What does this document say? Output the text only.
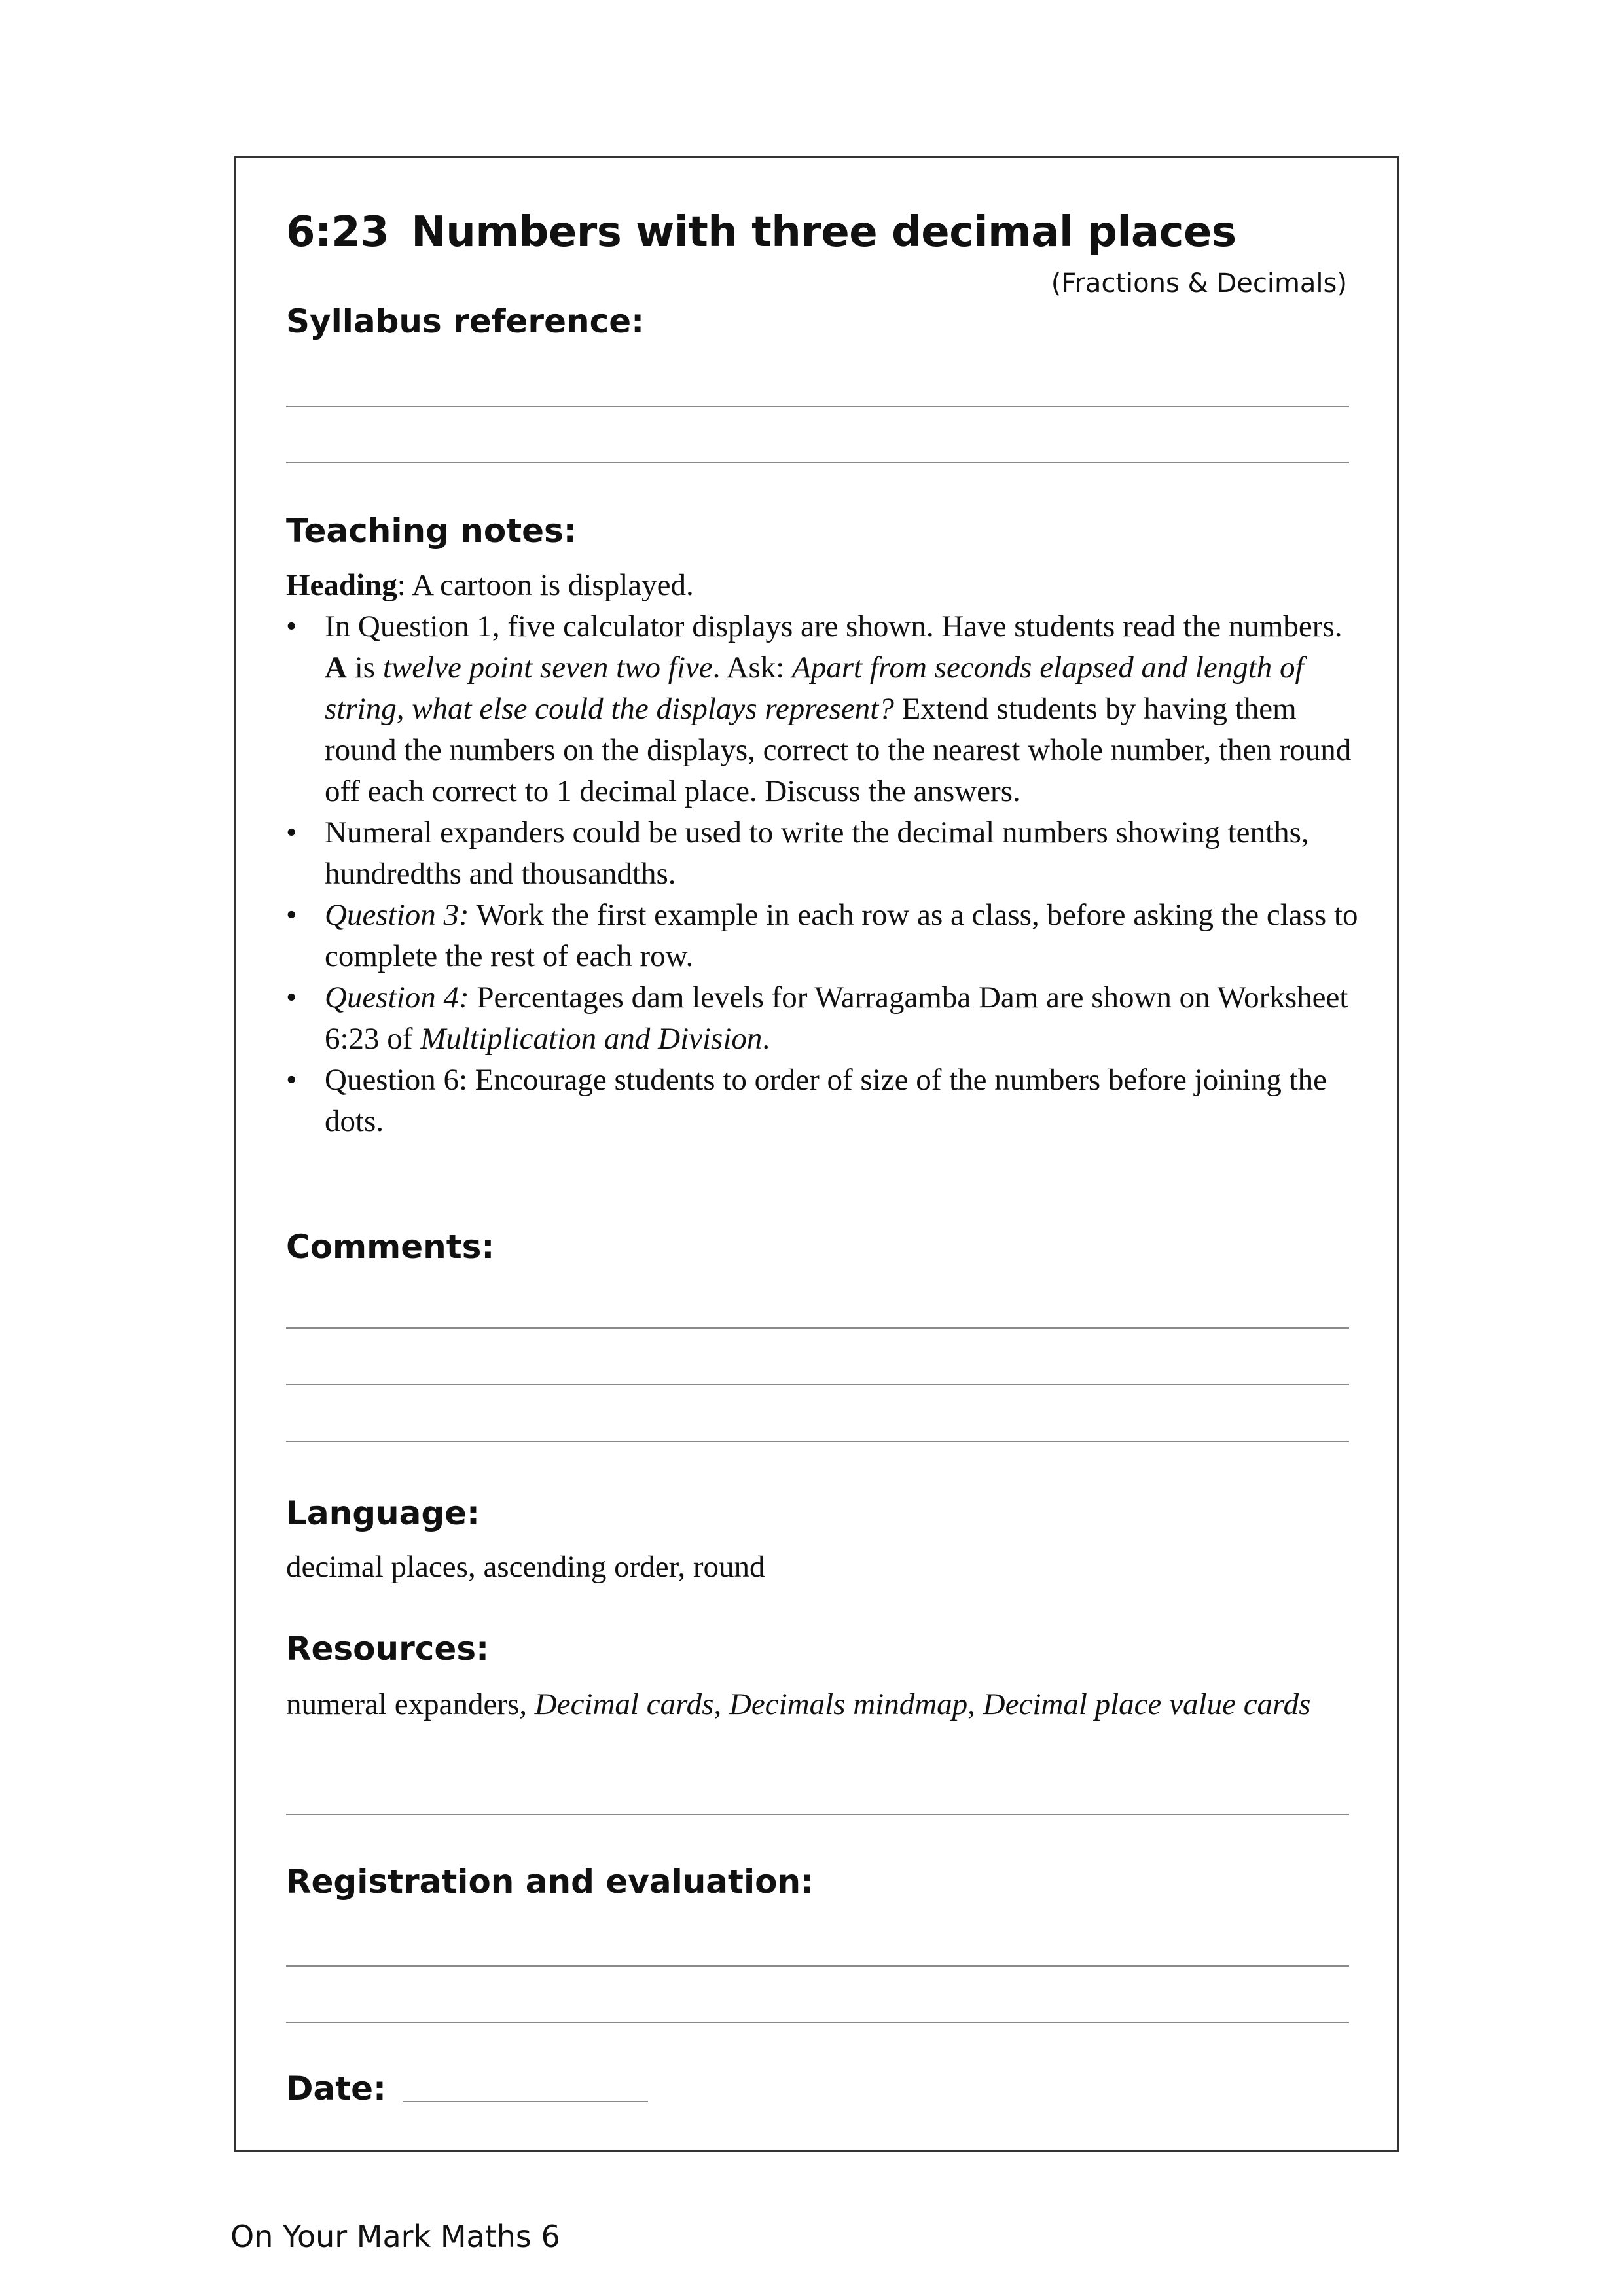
6:23 Numbers with three decimal places
(Fractions & Decimals)
Syllabus reference:
Teaching notes:

Heading: A cartoon is displayed.

• In Question 1, five calculator displays are shown. Have students read the numbers. A is twelve point seven two five. Ask: Apart from seconds elapsed and length of string, what else could the displays represent? Extend students by having them round the numbers on the displays, correct to the nearest whole number, then round off each correct to 1 decimal place. Discuss the answers.
• Numeral expanders could be used to write the decimal numbers showing tenths, hundredths and thousandths.
• Question 3: Work the first example in each row as a class, before asking the class to complete the rest of each row.
• Question 4: Percentages dam levels for Warragamba Dam are shown on Worksheet 6:23 of Multiplication and Division.
• Question 6: Encourage students to order of size of the numbers before joining the dots.
Comments:
Language:
decimal places, ascending order, round
Resources:
numeral expanders, Decimal cards, Decimals mindmap, Decimal place value cards
Registration and evaluation:
Date:
On Your Mark Maths 6
